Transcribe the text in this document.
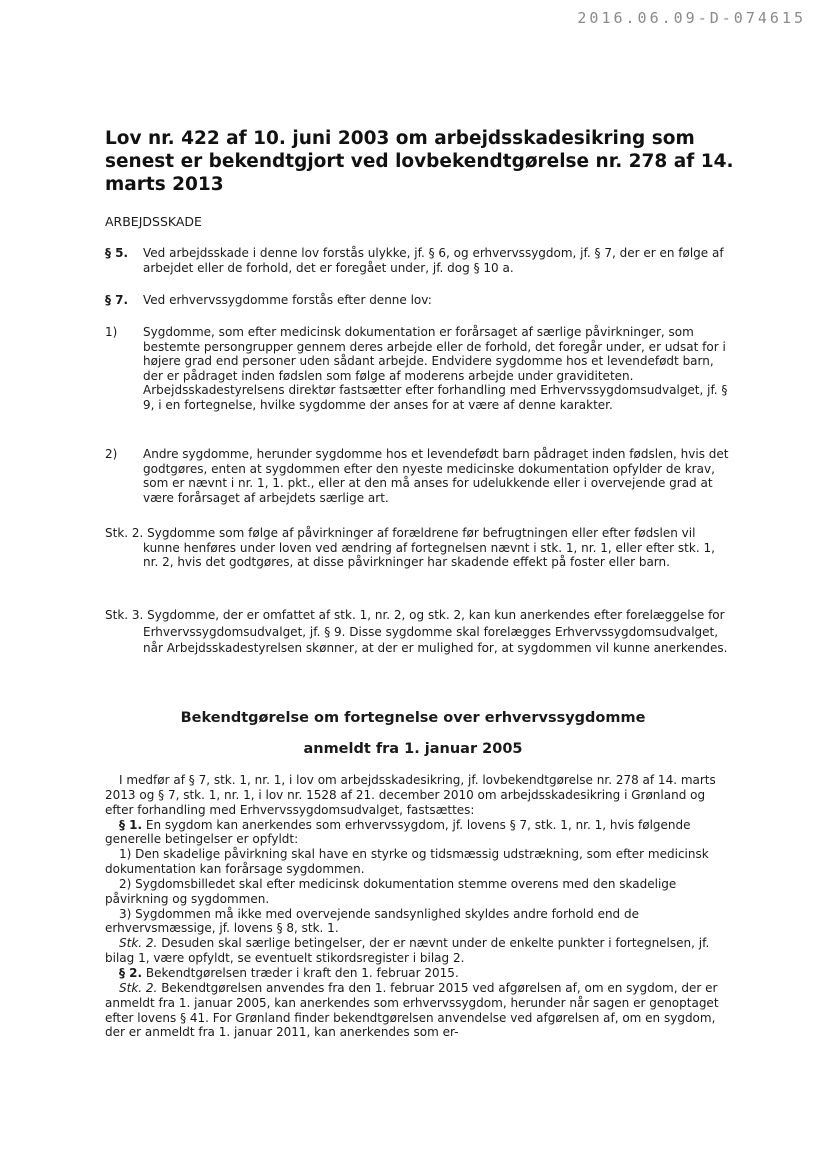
2016.06.09-D-074615
Lov nr. 422 af 10. juni 2003 om arbejdsskadesikring som senest er bekendtgjort ved lovbekendtgørelse nr. 278 af 14. marts 2013
ARBEJDSSKADE
§ 5. Ved arbejdsskade i denne lov forstås ulykke, jf. § 6, og erhvervssygdom, jf. § 7, der er en følge af arbejdet eller de forhold, det er foregået under, jf. dog § 10 a.
§ 7. Ved erhvervssygdomme forstås efter denne lov:
1) Sygdomme, som efter medicinsk dokumentation er forårsaget af særlige påvirkninger, som bestemte persongrupper gennem deres arbejde eller de forhold, det foregår under, er udsat for i højere grad end personer uden sådant arbejde. Endvidere sygdomme hos et levendefødt barn, der er pådraget inden fødslen som følge af moderens arbejde under graviditeten. Arbejdsskadestyrelsens direktør fastsætter efter forhandling med Erhvervssygdomsudvalget, jf. § 9, i en fortegnelse, hvilke sygdomme der anses for at være af denne karakter.
2) Andre sygdomme, herunder sygdomme hos et levendefødt barn pådraget inden fødslen, hvis det godtgøres, enten at sygdommen efter den nyeste medicinske dokumentation opfylder de krav, som er nævnt i nr. 1, 1. pkt., eller at den må anses for udelukkende eller i overvejende grad at være forårsaget af arbejdets særlige art.
Stk. 2. Sygdomme som følge af påvirkninger af forældrene før befrugtningen eller efter fødslen vil kunne henføres under loven ved ændring af fortegnelsen nævnt i stk. 1, nr. 1, eller efter stk. 1, nr. 2, hvis det godtgøres, at disse påvirkninger har skadende effekt på foster eller barn.
Stk. 3. Sygdomme, der er omfattet af stk. 1, nr. 2, og stk. 2, kan kun anerkendes efter forelæggelse for Erhvervssygdomsudvalget, jf. § 9. Disse sygdomme skal forelægges Erhvervssygdomsudvalget, når Arbejdsskadestyrelsen skønner, at der er mulighed for, at sygdommen vil kunne anerkendes.
Bekendtgørelse om fortegnelse over erhvervssygdomme
anmeldt fra 1. januar 2005

I medfør af § 7, stk. 1, nr. 1, i lov om arbejdsskadesikring, jf. lovbekendtgørelse nr. 278 af 14. marts 2013 og § 7, stk. 1, nr. 1, i lov nr. 1528 af 21. december 2010 om arbejdsskadesikring i Grønland og efter forhandling med Erhvervssygdomsudvalget, fastsættes:

§ 1. En sygdom kan anerkendes som erhvervssygdom, jf. lovens § 7, stk. 1, nr. 1, hvis følgende generelle betingelser er opfyldt:

1) Den skadelige påvirkning skal have en styrke og tidsmæssig udstrækning, som efter medicinsk dokumentation kan forårsage sygdommen.

2) Sygdomsbilledet skal efter medicinsk dokumentation stemme overens med den skadelige påvirkning og sygdommen.

3) Sygdommen må ikke med overvejende sandsynlighed skyldes andre forhold end de erhvervsmæssige, jf. lovens § 8, stk. 1.

Stk. 2. Desuden skal særlige betingelser, der er nævnt under de enkelte punkter i fortegnelsen, jf. bilag 1, være opfyldt, se eventuelt stikordsregister i bilag 2.

§ 2. Bekendtgørelsen træder i kraft den 1. februar 2015.

Stk. 2. Bekendtgørelsen anvendes fra den 1. februar 2015 ved afgørelsen af, om en sygdom, der er anmeldt fra 1. januar 2005, kan anerkendes som erhvervssygdom, herunder når sagen er genoptaget efter lovens § 41. For Grønland finder bekendtgørelsen anvendelse ved afgørelsen af, om en sygdom, der er anmeldt fra 1. januar 2011, kan anerkendes som er-
